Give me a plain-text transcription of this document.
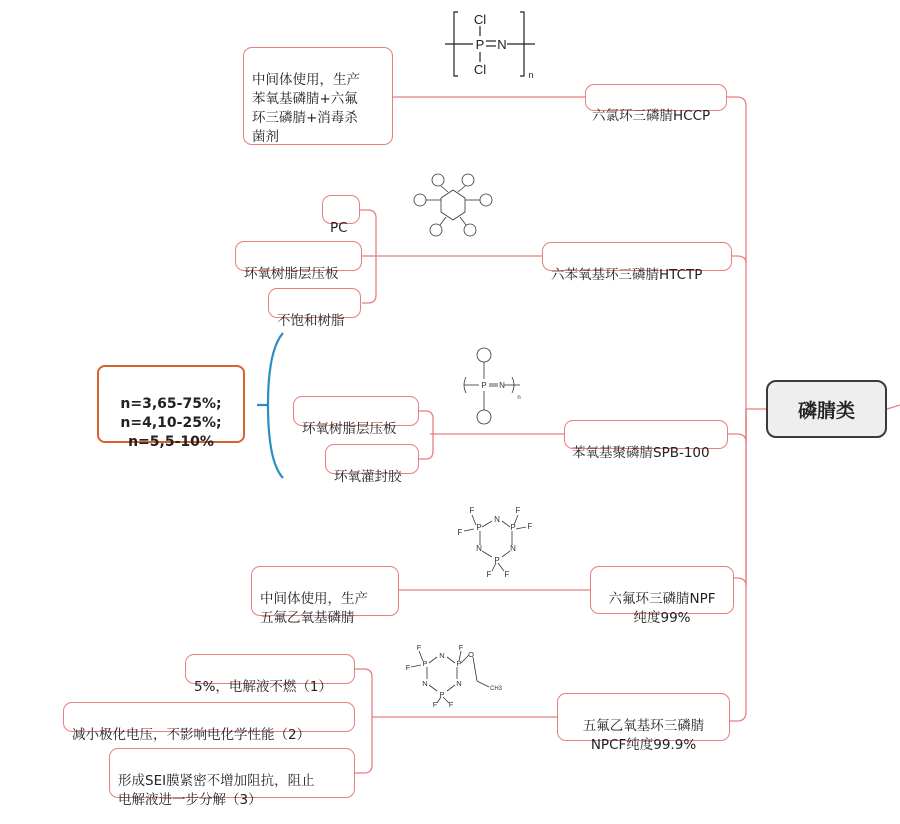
磷腈类

六氯环三磷腈HCCP

中间体使用，生产
苯氧基磷腈+六氟
环三磷腈+消毒杀
菌剂

Cl
P N
Cl	n

六苯氧基环三磷腈HTCTP

PC

环氧树脂层压板

不饱和树脂

苯氧基聚磷腈SPB-100

环氧树脂层压板

环氧灌封胶

P N
n

n=3,65-75%;
n=4,10-25%;
n=5,5-10%

六氟环三磷腈NPF
纯度99%

中间体使用，生产
五氟乙氧基磷腈

F
F
F
F
F F
P	P
P
N
N	N

五氟乙氧基环三磷腈
NPCF纯度99.9%

5%，电解液不燃（1）

减小极化电压，不影响电化学性能（2）

形成SEI膜紧密不增加阻抗，阻止
电解液进一步分解（3）

F
F
F
F F
P	P
P
N
N	N
O
CH3
